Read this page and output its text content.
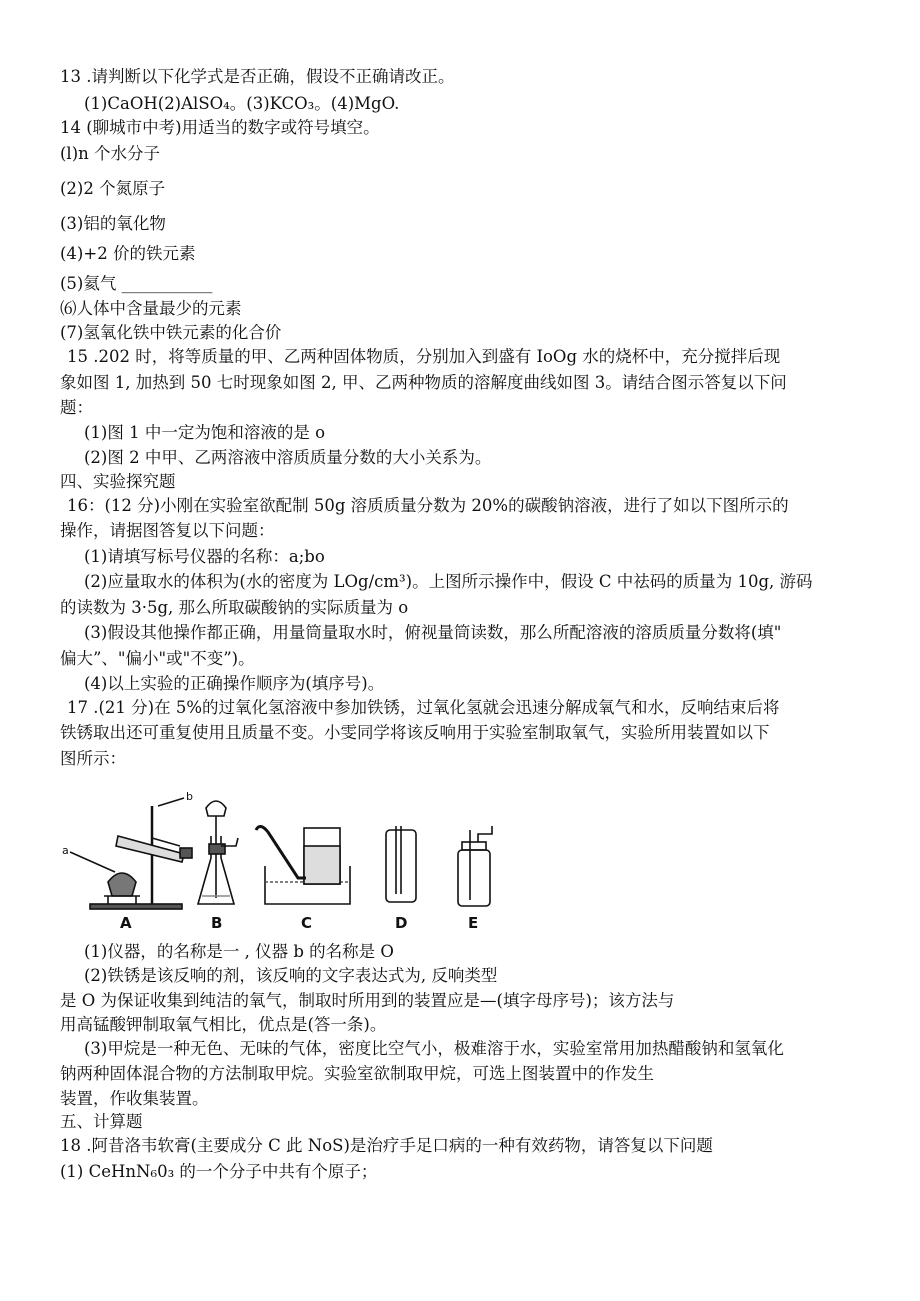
13 .请判断以下化学式是否正确，假设不正确请改正。
(1)CaOH(2)AlSO₄。(3)KCO₃。(4)MgO.
14 (聊城市中考)用适当的数字或符号填空。
(l)n 个水分子
(2)2 个氮原子
(3)铝的氧化物
(4)+2 价的铁元素
(5)氦气 ___________
⑹人体中含量最少的元素
(7)氢氧化铁中铁元素的化合价
15 .202 时，将等质量的甲、乙两种固体物质，分别加入到盛有 IoOg 水的烧杯中，充分搅拌后现
象如图 1, 加热到 50 七时现象如图 2, 甲、乙两种物质的溶解度曲线如图 3。请结合图示答复以下问
题：
(1)图 1 中一定为饱和溶液的是 o
(2)图 2 中甲、乙两溶液中溶质质量分数的大小关系为。
四、实验探究题
16：(12 分)小刚在实验室欲配制 50g 溶质质量分数为 20%的碳酸钠溶液，进行了如以下图所示的
操作，请据图答复以下问题：
(1)请填写标号仪器的名称：a;bo
(2)应量取水的体积为(水的密度为 LOg/cm³)。上图所示操作中，假设 C 中祛码的质量为 10g, 游码
的读数为 3·5g, 那么所取碳酸钠的实际质量为 o
(3)假设其他操作都正确，用量筒量取水时，俯视量筒读数，那么所配溶液的溶质质量分数将(填"
偏大”、"偏小"或"不变”)。
(4)以上实验的正确操作顺序为(填序号)。
17 .(21 分)在 5%的过氧化氢溶液中参加铁锈，过氧化氢就会迅速分解成氧气和水，反响结束后将
铁锈取出还可重复使用且质量不变。小雯同学将该反响用于实验室制取氧气，实验所用装置如以下
图所示：
a
b
A	B	C	D	E
(1)仪器，的名称是一 , 仪器 b 的名称是 O
(2)铁锈是该反响的剂，该反响的文字表达式为, 反响类型
是 O 为保证收集到纯洁的氧气，制取时所用到的装置应是—(填字母序号)；该方法与
用高锰酸钾制取氧气相比，优点是(答一条)。
(3)甲烷是一种无色、无味的气体，密度比空气小，极难溶于水，实验室常用加热醋酸钠和氢氧化
钠两种固体混合物的方法制取甲烷。实验室欲制取甲烷，可选上图装置中的作发生
装置，作收集装置。
五、计算题
18 .阿昔洛韦软膏(主要成分 C 此 NoS)是治疗手足口病的一种有效药物，请答复以下问题
(1) CeHnN₆0₃ 的一个分子中共有个原子；
